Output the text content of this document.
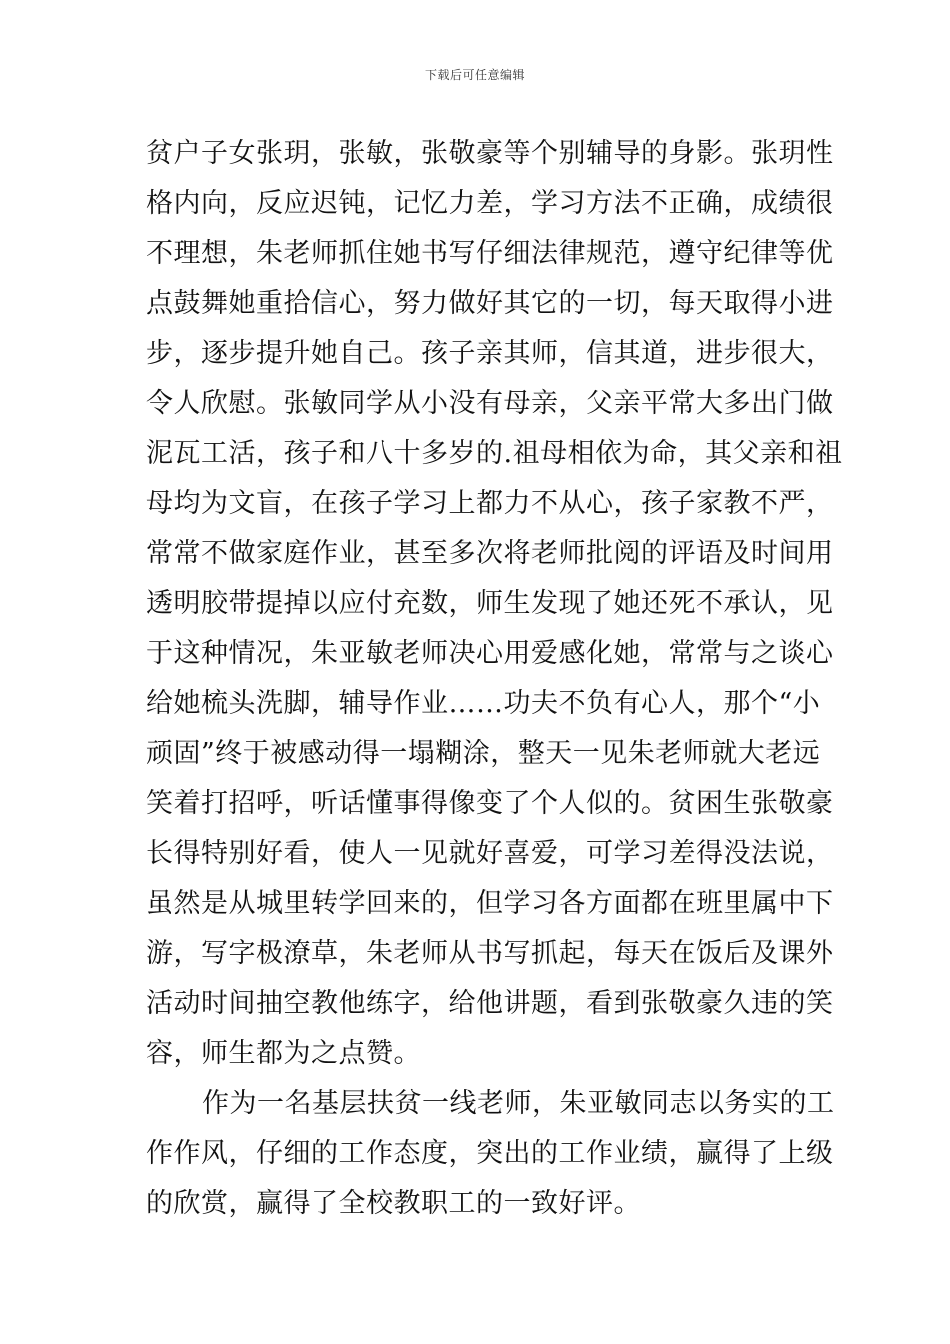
下载后可任意编辑
贫户子女张玥，张敏，张敬豪等个别辅导的身影。张玥性
格内向，反应迟钝，记忆力差，学习方法不正确，成绩很
不理想，朱老师抓住她书写仔细法律规范，遵守纪律等优
点鼓舞她重拾信心，努力做好其它的一切，每天取得小进
步，逐步提升她自己。孩子亲其师，信其道，进步很大，
令人欣慰。张敏同学从小没有母亲，父亲平常大多出门做
泥瓦工活，孩子和八十多岁的.祖母相依为命，其父亲和祖
母均为文盲，在孩子学习上都力不从心，孩子家教不严，
常常不做家庭作业，甚至多次将老师批阅的评语及时间用
透明胶带提掉以应付充数，师生发现了她还死不承认，见
于这种情况，朱亚敏老师决心用爱感化她，常常与之谈心
给她梳头洗脚，辅导作业……功夫不负有心人，那个“小
顽固”终于被感动得一塌糊涂，整天一见朱老师就大老远
笑着打招呼，听话懂事得像变了个人似的。贫困生张敬豪
长得特别好看，使人一见就好喜爱，可学习差得没法说，
虽然是从城里转学回来的，但学习各方面都在班里属中下
游，写字极潦草，朱老师从书写抓起，每天在饭后及课外
活动时间抽空教他练字，给他讲题，看到张敬豪久违的笑
容，师生都为之点赞。
作为一名基层扶贫一线老师，朱亚敏同志以务实的工
作作风，仔细的工作态度，突出的工作业绩，赢得了上级
的欣赏，赢得了全校教职工的一致好评。
